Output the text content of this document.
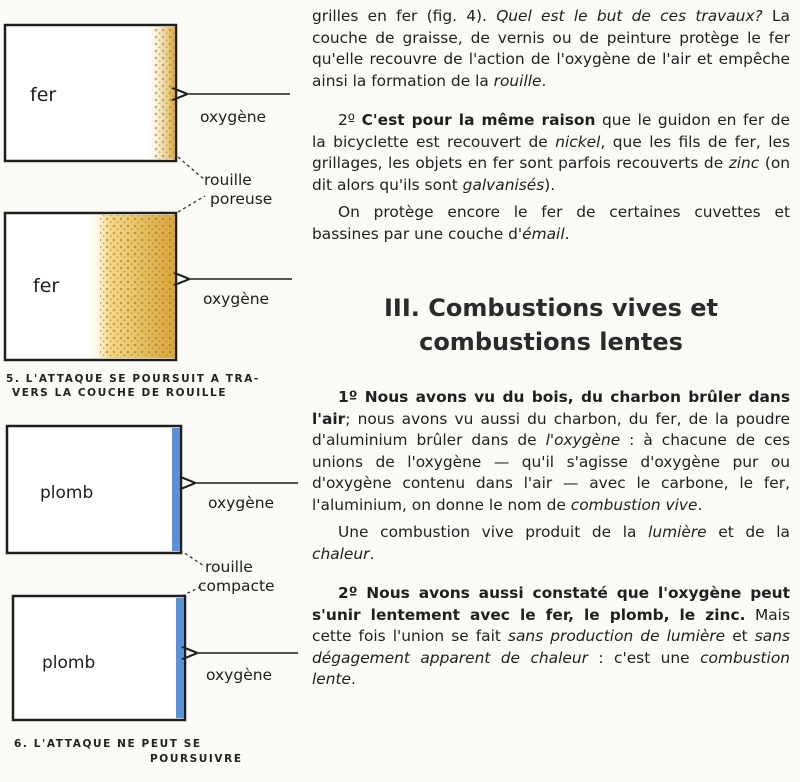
fer
oxygène
rouille
poreuse
fer
oxygène
plomb	oxygène
rouille
compacte
plomb
oxygène
5. L'ATTAQUE SE POURSUIT A TRA-
VERS LA COUCHE DE ROUILLE
6. L'ATTAQUE NE PEUT SE
POURSUIVRE

grilles en fer (fig. 4). Quel est le but de ces travaux? La couche de graisse, de vernis ou de peinture protège le fer qu'elle recouvre de l'action de l'oxygène de l'air et empêche ainsi la formation de la rouille.

2º C'est pour la même raison que le guidon en fer de la bicyclette est recouvert de nickel, que les fils de fer, les grillages, les objets en fer sont parfois recouverts de zinc (on dit alors qu'ils sont galvanisés).

On protège encore le fer de certaines cuvettes et bassines par une couche d'émail.

III. Combustions vives et
combustions lentes

1º Nous avons vu du bois, du charbon brûler dans l'air; nous avons vu aussi du charbon, du fer, de la poudre d'aluminium brûler dans de l'oxygène : à chacune de ces unions de l'oxygène — qu'il s'agisse d'oxygène pur ou d'oxygène contenu dans l'air — avec le carbone, le fer, l'aluminium, on donne le nom de combustion vive.

Une combustion vive produit de la lumière et de la chaleur.

2º Nous avons aussi constaté que l'oxygène peut s'unir lentement avec le fer, le plomb, le zinc. Mais cette fois l'union se fait sans production de lumière et sans dégagement apparent de chaleur : c'est une combustion lente.
